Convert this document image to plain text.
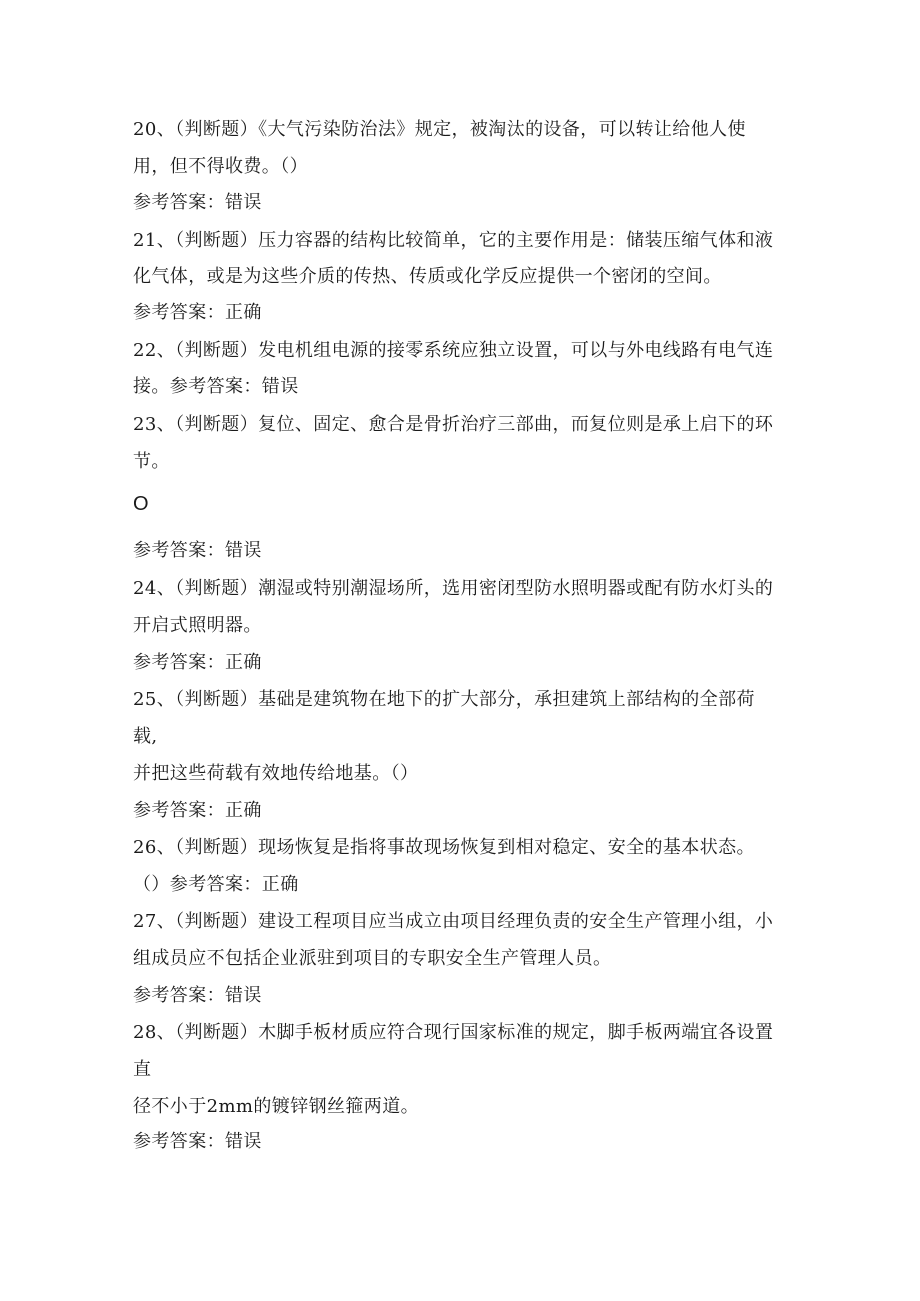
20、（判断题）《大气污染防治法》规定，被淘汰的设备，可以转让给他人使
用，但不得收费。（）
参考答案：错误
21、（判断题）压力容器的结构比较简单，它的主要作用是：储装压缩气体和液
化气体，或是为这些介质的传热、传质或化学反应提供一个密闭的空间。
参考答案：正确
22、（判断题）发电机组电源的接零系统应独立设置，可以与外电线路有电气连
接。参考答案：错误
23、（判断题）复位、固定、愈合是骨折治疗三部曲，而复位则是承上启下的环
节。
O
参考答案：错误
24、（判断题）潮湿或特别潮湿场所，选用密闭型防水照明器或配有防水灯头的
开启式照明器。
参考答案：正确
25、（判断题）基础是建筑物在地下的扩大部分，承担建筑上部结构的全部荷
载,
并把这些荷载有效地传给地基。（）
参考答案：正确
26、（判断题）现场恢复是指将事故现场恢复到相对稳定、安全的基本状态。
（）参考答案：正确
27、（判断题）建设工程项目应当成立由项目经理负责的安全生产管理小组，小
组成员应不包括企业派驻到项目的专职安全生产管理人员。
参考答案：错误
28、（判断题）木脚手板材质应符合现行国家标准的规定，脚手板两端宜各设置
直
径不小于2mm的镀锌钢丝箍两道。
参考答案：错误
